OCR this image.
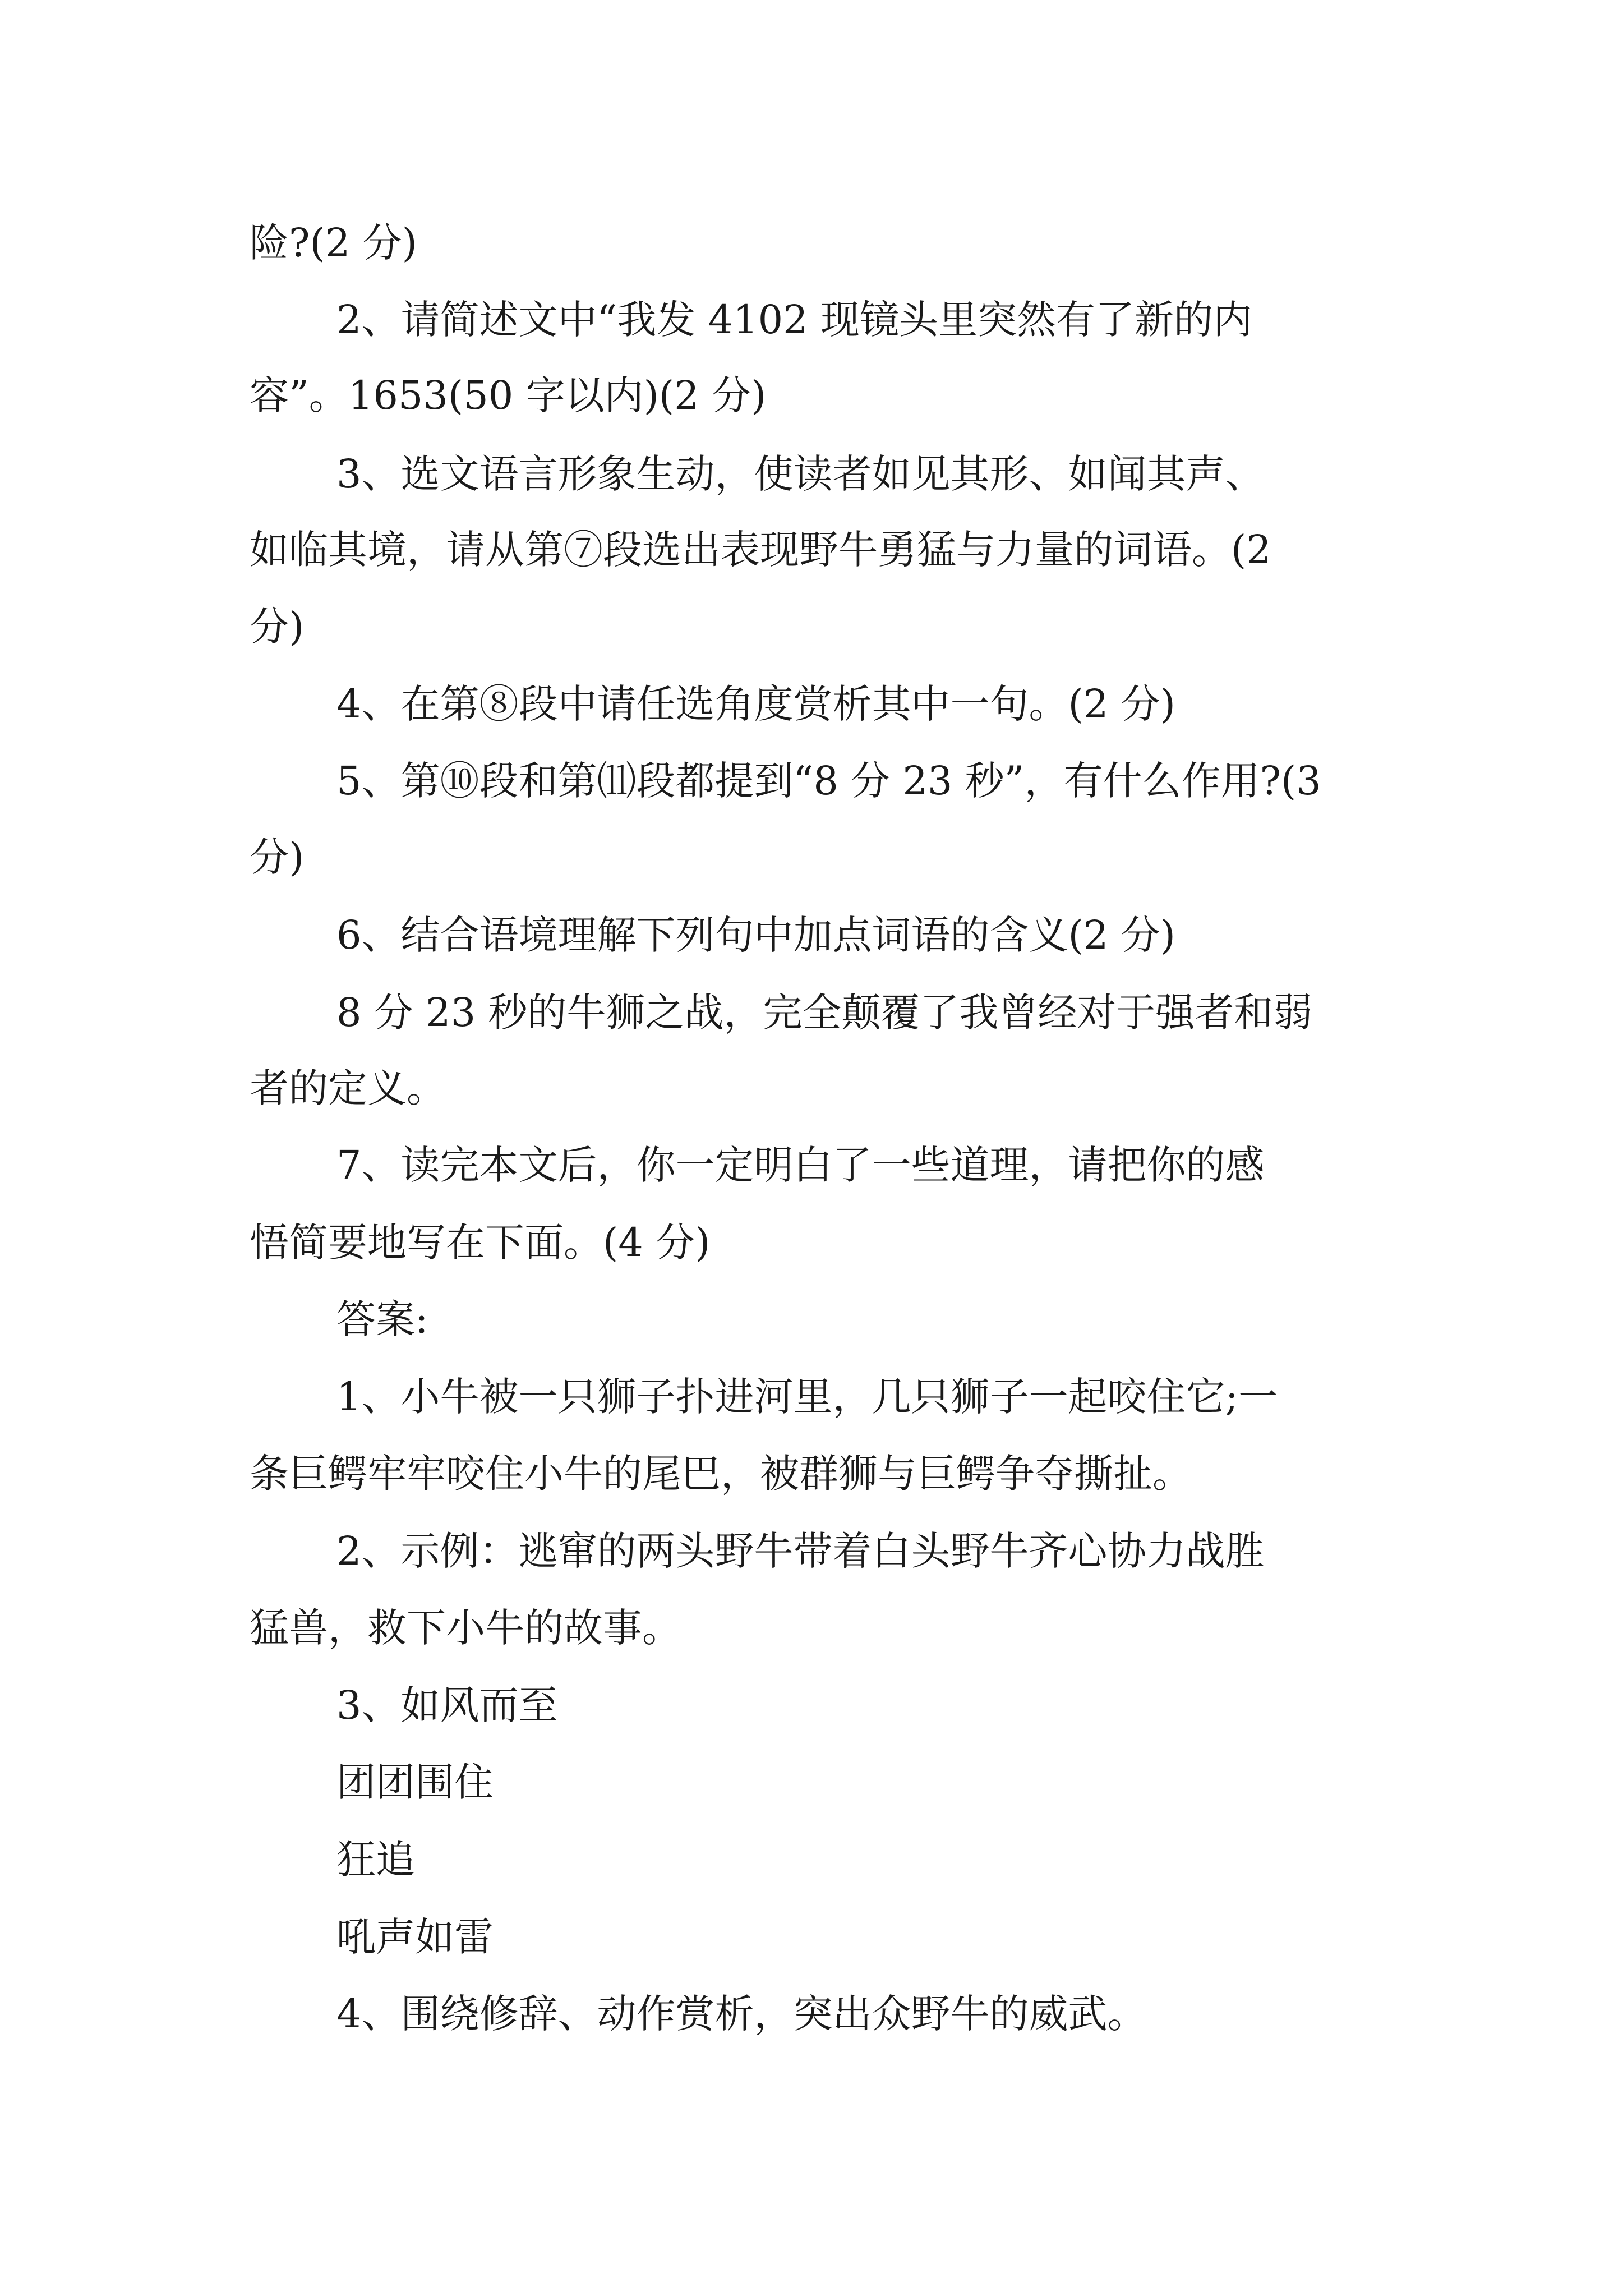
险?(2 分)
2、请简述文中“我发 4102 现镜头里突然有了新的内
容”。1653(50 字以内)(2 分)
3、选文语言形象生动，使读者如见其形、如闻其声、
如临其境，请从第⑦段选出表现野牛勇猛与力量的词语。(2
分)
4、在第⑧段中请任选角度赏析其中一句。(2 分)
5、第⑩段和第⑾段都提到“8 分 23 秒”，有什么作用?(3
分)
6、结合语境理解下列句中加点词语的含义(2 分)
8 分 23 秒的牛狮之战，完全颠覆了我曾经对于强者和弱
者的定义。
7、读完本文后，你一定明白了一些道理，请把你的感
悟简要地写在下面。(4 分)
答案:
1、小牛被一只狮子扑进河里，几只狮子一起咬住它;一
条巨鳄牢牢咬住小牛的尾巴，被群狮与巨鳄争夺撕扯。
2、示例：逃窜的两头野牛带着白头野牛齐心协力战胜
猛兽，救下小牛的故事。
3、如风而至
团团围住
狂追
吼声如雷
4、围绕修辞、动作赏析，突出众野牛的威武。
